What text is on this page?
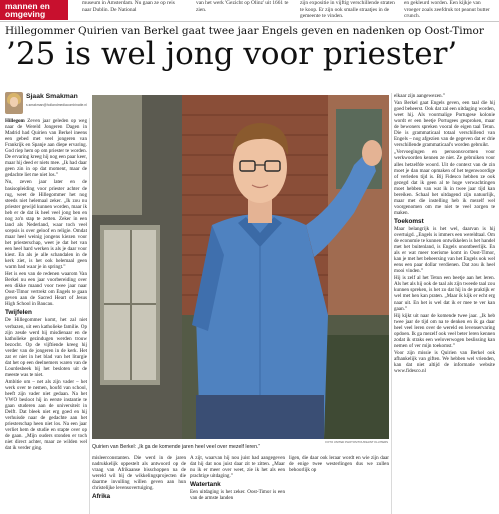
mannen en omgeving
museum in Amsterdam. Nu gaan ze op reis naar Dublin. De National
van het werk 'Gezicht op Olinz' uit 1661 te zien.
zijn expositie in vijftig verschillende straten te koop. Er zijn ook smalle straatjes in de gemeente te vinden.
en gekleurd worden. Een kijkje van vroeger zoals zeefdruk tot peanut butter crunch.
Hillegommer Quirien van Berkel gaat twee jaar Engels geven en nadenken op Oost-Timor
’25 is wel jong voor priester’
Sjaak Smakman
s.smakman@hollandmediacombinatie.nl

Hillegom Zeven jaar geleden op weg naar de Wereld Jongeren Dagen in Madrid had Quirien van Berkel ineens een gebed met veel jongeren van Frankrijk en Spanje aan diepe ervaring. God riep hem op om priester te worden. De ervaring kreeg hij nog een paar keer, maar hij deed er niets mee. „Ik had daar geen zin in op dat moment, maar de gedachte liet me niet los.”

Nu, zeven jaar later en de basisopleiding voor priester achter de rug, weet de Hillegommer het nog steeds niet helemaal zeker. „Ik zou nu priester gewijd kunnen worden, maar ik heb er de dat ik heel veel jong ben en nog zo'n stap te zetten. Zeker in een land als Nederland, waar toch veel scepsis is over geloof en religie. Omdat maar heel weinig jongens kiezen voor het priesterschap, weet je dat het van een heel hard werken is als je daar voor kiest. En als je alle schandalen in de kerk ziet, is het ook helemaal geen warm bad waar je in springt.”

Het is een van de redenen waarom Van Berkel nu een jaar voorbereiding over een dikke maand voor twee jaar naar Oost-Timor vertrekt om Engels te gaan geven aan de Sacred Heart of Jesus High School in Baucau.

Twijfelen

De Hillegommer komt, het zal niet verbazen, uit een katholieke familie. Op zijn zesde werd hij misdienaar en de katholieke gezindugen werden trouw bezocht. Op de vijftiende kreeg hij verder van de jongeren in de kerk. Het zat er niet in het blad van het liturgie dat het op een deelnemers waren van de Lourdesbeek bij het besloten uit de meeste was te niet.

Ambitie om – net als zijn vader – het werk over te nemen, hoofd van school, heeft zijn vader niet gedaan. Na het VWO besloot hij in eerste instantie te gaan studeren aan de universiteit in Delft. Dat bleek niet erg goed en hij verhuisde naar de gedachte aan het priesterschap heen niet los. Na een jaar verliet hem de studie en stapte over op de gaan. „Mijn ouders stonden er toch niet direct achter, maar ze wilden wel dat ik verder ging.

FOTO UNITED PHOTOS/TOUSSAINT KLUITERS
Quirien van Berkel: „Ik ga de komende jaren heel veel over mezelf leren.”

misleerconstanten. Die werd in de jaren nadrukkelijk oppestelt als antwoord op de vraag van Afrikaanse bisschoppen na de wereld wil bij de wikkelingsprojecten die daarme invulling willen geven aan hun christelijke levensovertuiging.

Afrika

A zijt, waarvan hij nou juist had aangegeven dat hij dat nou juist daar zit te zitten. „Maar nu ik er meer over weet, zie ik het als een prachtige uitdaging.”

Watertank

Een uitdaging is het zeker. Oost-Timor is een van de armste landen

ligen, die daar ook leraar wordt en wie zijn daar de enige twee westerlingen dus we zullen behoorlijk op

elkaar zijn aangewezen.”

Van Berkel gaat Engels geven, een taal die hij goed beheerst. Ook dat zal een uitdaging worden, weet hij. Als voormalige Portugese kolonie wordt er een beetje Portugees gesproken, maar de bewoners spreken vooral de eigen taal Tetun. Die is grammaticaal totaal verschillend van Engels – nog afgezien van de gegeven dat er drie verschillende grammaticaal's worden gebruikt.

„Vervoegingen en persoonsvormen voor werkwoorden kennen ze niet. Ze gebruiken voor alles hetzelfde woord. Uit de context van de zin moet je dan maar opmaken of het tegenwoordige of verleden tijd is. Bij Fidesco hebben ze ook gezegd dat ik geen al te hoge verwachtingen moet hebben van wat ik in twee jaar tijd kan bereiken. Schaal het uitdagend zijn natuurlijk, maar met die instelling heb ik mezelf wel voorgenomen om me niet te veel zorgen te maken.

Toekomst

Maar belangrijk is het wel, daarvan is hij overtuigd. „Engels is immers een wereldtaal. Om de economie te kunnen ontwikkelen is het handel met het buitenland, is Engels onontbeerlijk. En als er wat meer toerisme komt in Oost-Timor, kan je met het beheersing van het Engels ook wel eens een paar dollar verdienen. Dat zou ik heel mooi vinden.”

Hij is zelf al het Tetun een beetje aan het leren. Als het als hij ook de taal als zijn tweede taal zou kunnen spreken, is het zo dat hij in de praktijk er wel met hen kan praten. „Maar ik kijk er echt erg naar uit. En het is wel dat ik er mee te ver kan gaan.”

Hij kijkt uit naar de komende twee jaar. „Ik heb twee jaar de tijd om na te denken en ik ga daar heel veel leren over de wereld en levenservaring opdoen. Ik ga mezelf ook veel beter leren kennen zodat ik straks een weloverwogen beslissing kan nemen of ver mijn toekomst.”

Voor zijn missie is Quirien van Berkel ook afhankelijk van giften. We hebben wel vrienden, kan dat niet altijd de informatie website www.fidesco.nl
